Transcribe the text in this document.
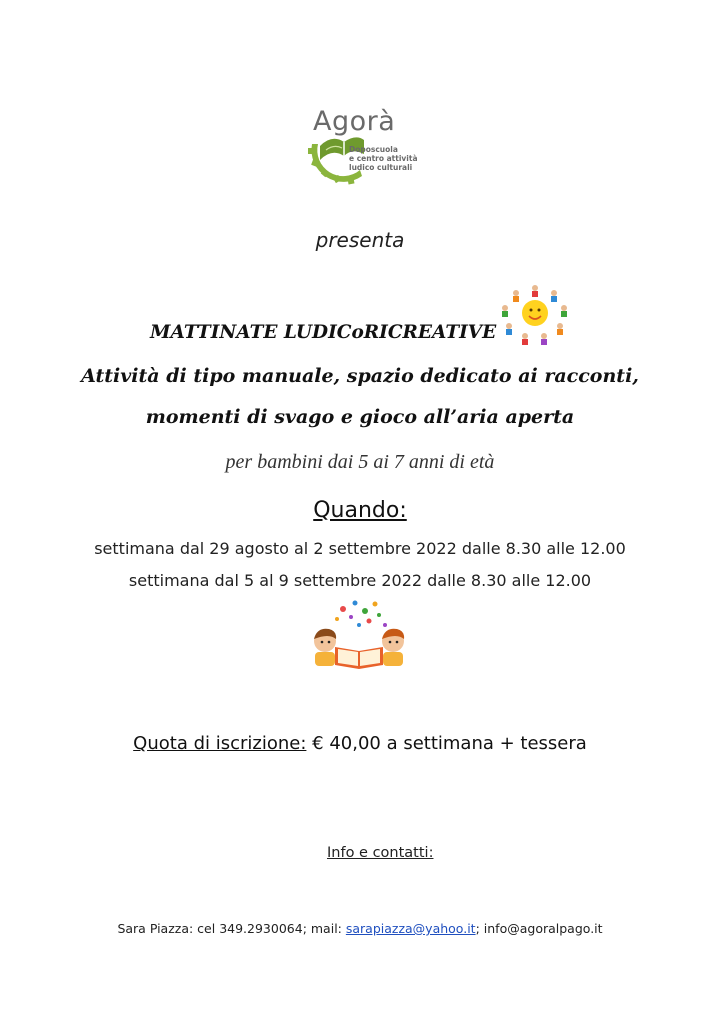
Agorà
Doposcuola
e centro attività
ludico culturali
presenta
MATTINATE LUDICoRICREATIVE
Attività di tipo manuale, spazio dedicato ai racconti,
momenti di svago e gioco all’aria aperta
per bambini dai 5 ai 7 anni di età
Quando:
settimana dal 29 agosto al 2 settembre 2022 dalle 8.30 alle 12.00
settimana dal 5 al 9 settembre 2022 dalle 8.30 alle 12.00
Quota di iscrizione: € 40,00 a settimana + tessera
Info e contatti:
Sara Piazza: cel 349.2930064; mail: sarapiazza@yahoo.it; info@agoralpago.it
